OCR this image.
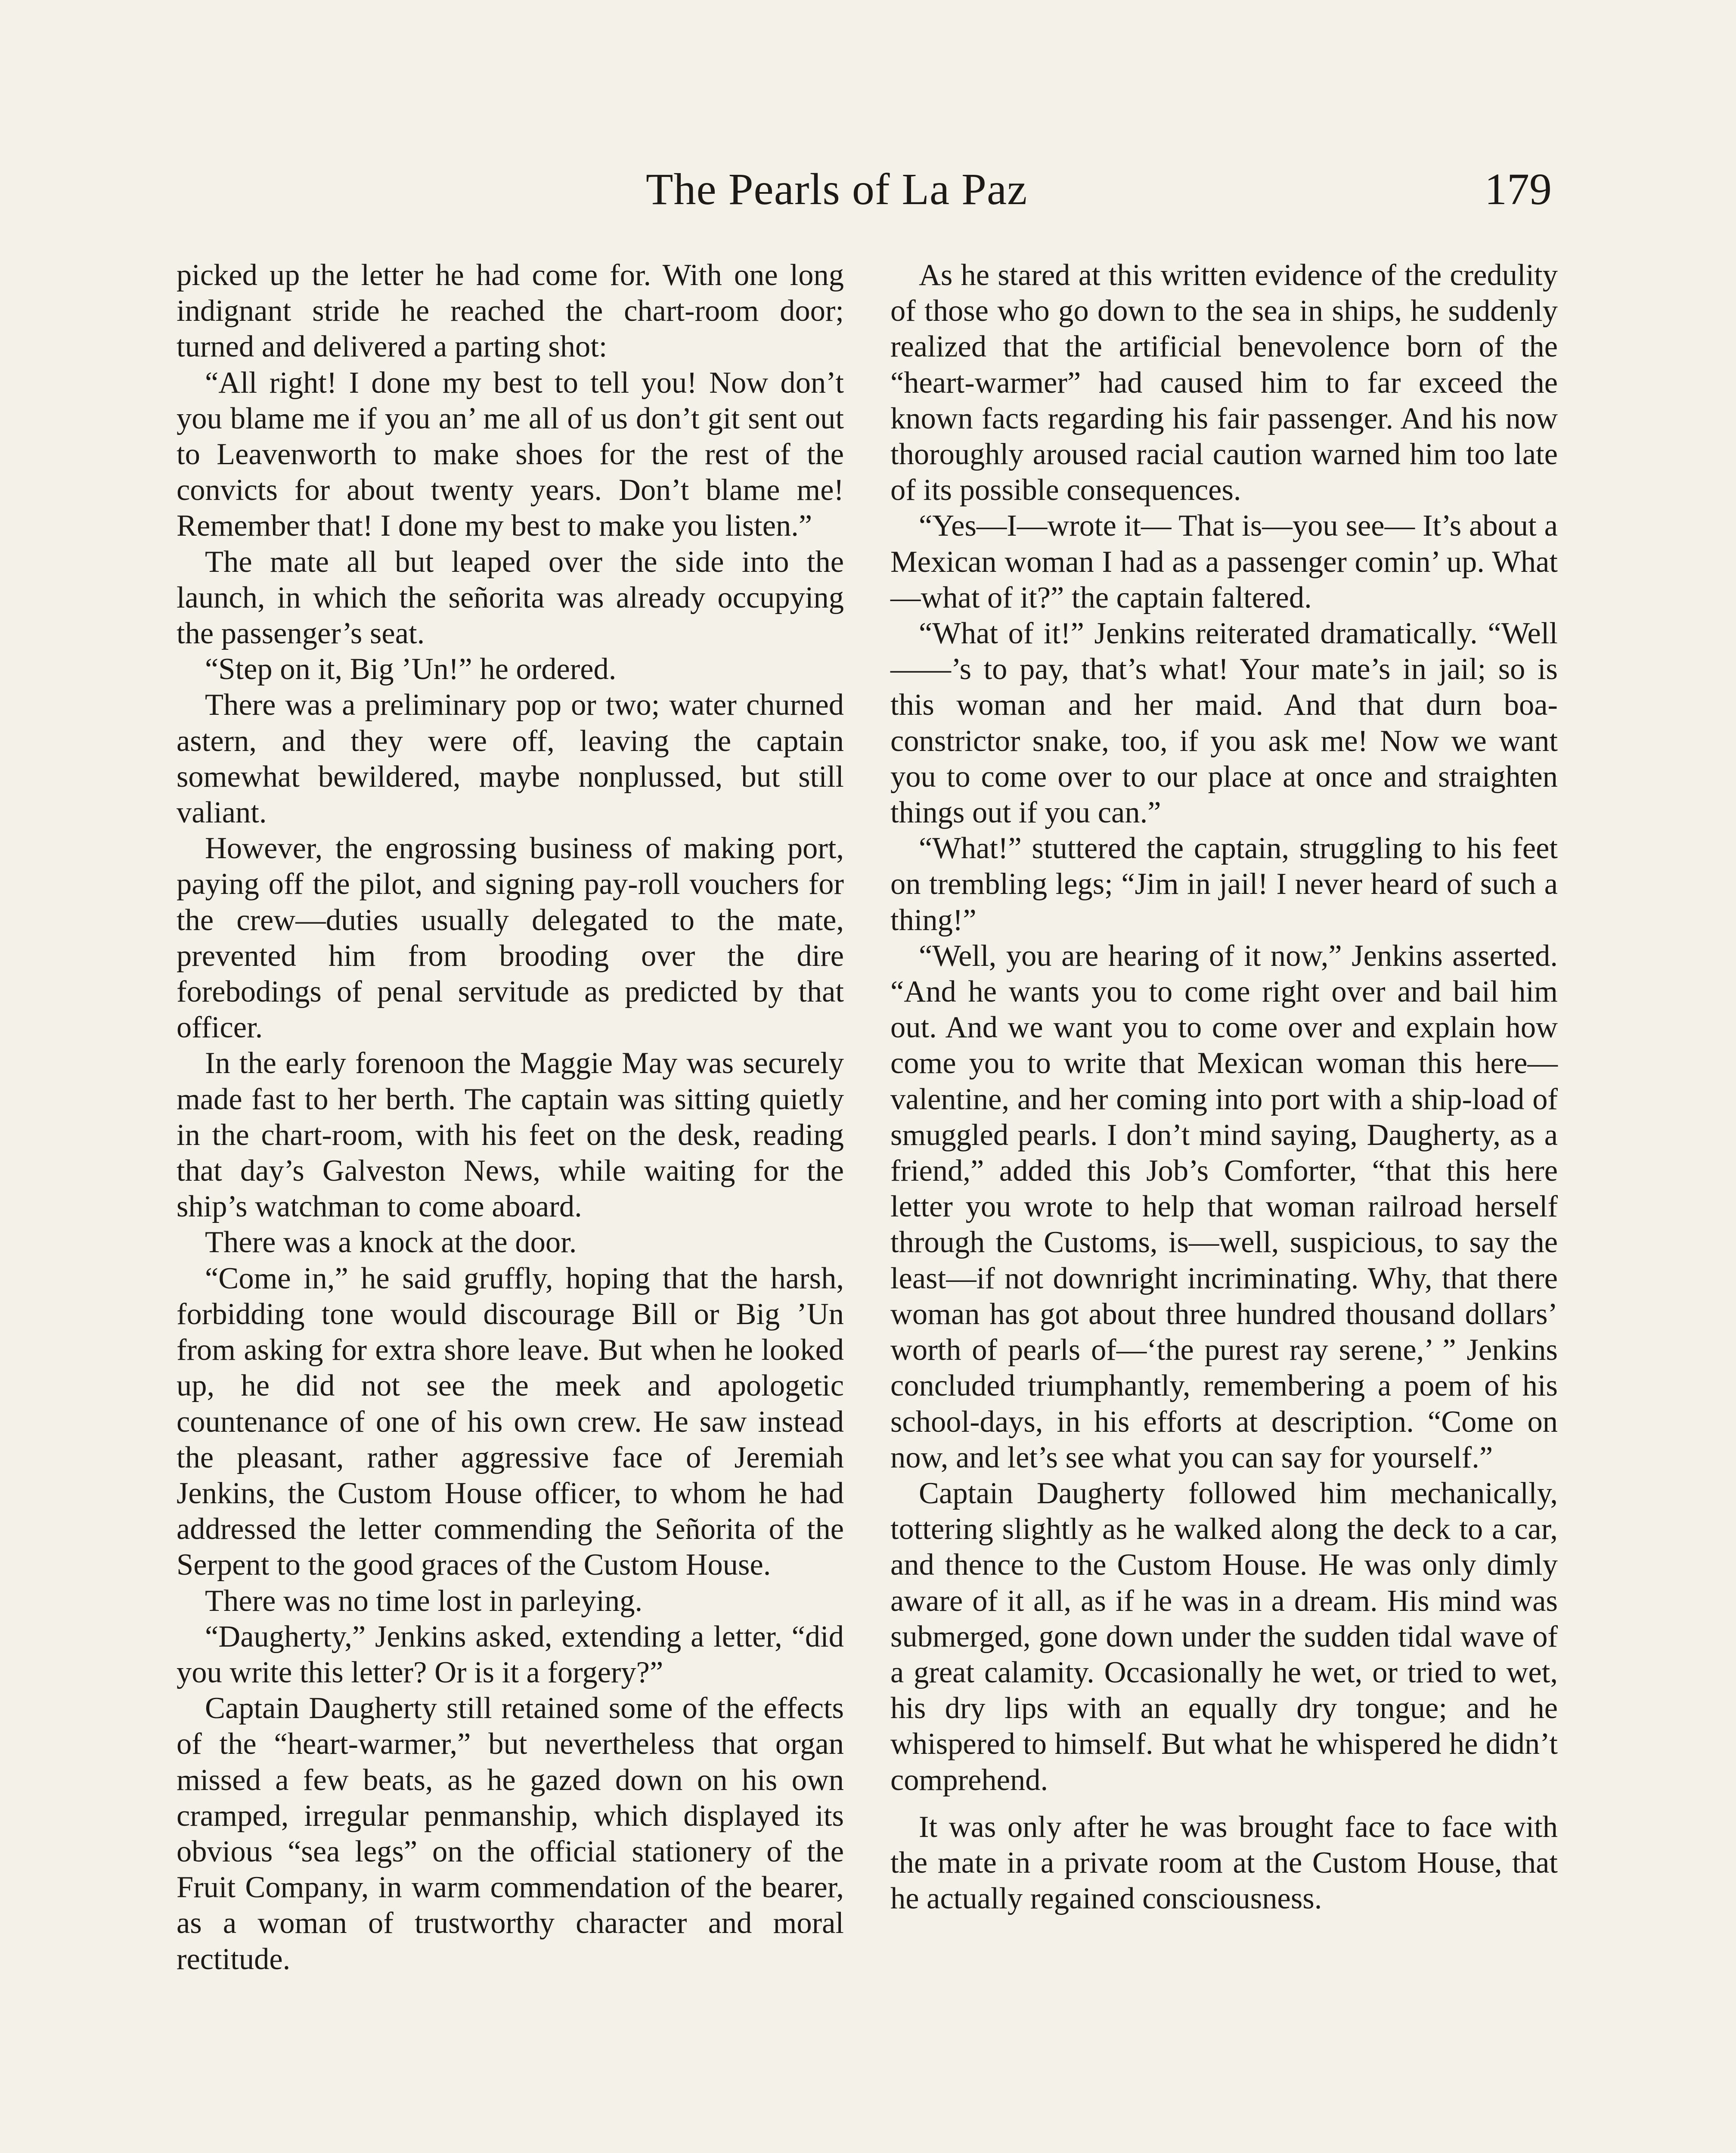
The Pearls of La Paz	179

picked up the letter he had come for. With one long indignant stride he reached the chart-room door; turned and delivered a parting shot:

“All right! I done my best to tell you! Now don’t you blame me if you an’ me all of us don’t git sent out to Leavenworth to make shoes for the rest of the convicts for about twenty years. Don’t blame me! Remember that! I done my best to make you listen.”

The mate all but leaped over the side into the launch, in which the señorita was already occupying the passenger’s seat.

“Step on it, Big ’Un!” he ordered.

There was a preliminary pop or two; water churned astern, and they were off, leaving the captain somewhat bewildered, maybe nonplussed, but still valiant.

However, the engrossing business of making port, paying off the pilot, and signing pay-roll vouchers for the crew—duties usually delegated to the mate, prevented him from brooding over the dire forebodings of penal servitude as predicted by that officer.

In the early forenoon the Maggie May was securely made fast to her berth. The captain was sitting quietly in the chart-room, with his feet on the desk, reading that day’s Galveston News, while waiting for the ship’s watchman to come aboard.

There was a knock at the door.

“Come in,” he said gruffly, hoping that the harsh, forbidding tone would discourage Bill or Big ’Un from asking for extra shore leave. But when he looked up, he did not see the meek and apologetic countenance of one of his own crew. He saw instead the pleasant, rather aggressive face of Jeremiah Jenkins, the Custom House officer, to whom he had addressed the letter commending the Señorita of the Serpent to the good graces of the Custom House.

There was no time lost in parleying.

“Daugherty,” Jenkins asked, extending a letter, “did you write this letter? Or is it a forgery?”

Captain Daugherty still retained some of the effects of the “heart-warmer,” but nevertheless that organ missed a few beats, as he gazed down on his own cramped, irregular penmanship, which displayed its obvious “sea legs” on the official stationery of the Fruit Company, in warm commendation of the bearer, as a woman of trustworthy character and moral rectitude.

As he stared at this written evidence of the credulity of those who go down to the sea in ships, he suddenly realized that the artificial benevolence born of the “heart-warmer” had caused him to far exceed the known facts regarding his fair passenger. And his now thoroughly aroused racial caution warned him too late of its possible consequences.

“Yes—I—wrote it— That is—you see— It’s about a Mexican woman I had as a passenger comin’ up. What—what of it?” the captain faltered.

“What of it!” Jenkins reiterated dramatically. “Well ——’s to pay, that’s what! Your mate’s in jail; so is this woman and her maid. And that durn boa-constrictor snake, too, if you ask me! Now we want you to come over to our place at once and straighten things out if you can.”

“What!” stuttered the captain, struggling to his feet on trembling legs; “Jim in jail! I never heard of such a thing!”

“Well, you are hearing of it now,” Jenkins asserted. “And he wants you to come right over and bail him out. And we want you to come over and explain how come you to write that Mexican woman this here—valentine, and her coming into port with a ship-load of smuggled pearls. I don’t mind saying, Daugherty, as a friend,” added this Job’s Comforter, “that this here letter you wrote to help that woman railroad herself through the Customs, is—well, suspicious, to say the least—if not downright incriminating. Why, that there woman has got about three hundred thousand dollars’ worth of pearls of—‘the purest ray serene,’ ” Jenkins concluded triumphantly, remembering a poem of his school-days, in his efforts at description. “Come on now, and let’s see what you can say for yourself.”

Captain Daugherty followed him mechanically, tottering slightly as he walked along the deck to a car, and thence to the Custom House. He was only dimly aware of it all, as if he was in a dream. His mind was submerged, gone down under the sudden tidal wave of a great calamity. Occasionally he wet, or tried to wet, his dry lips with an equally dry tongue; and he whispered to himself. But what he whispered he didn’t comprehend.

It was only after he was brought face to face with the mate in a private room at the Custom House, that he actually regained consciousness.
